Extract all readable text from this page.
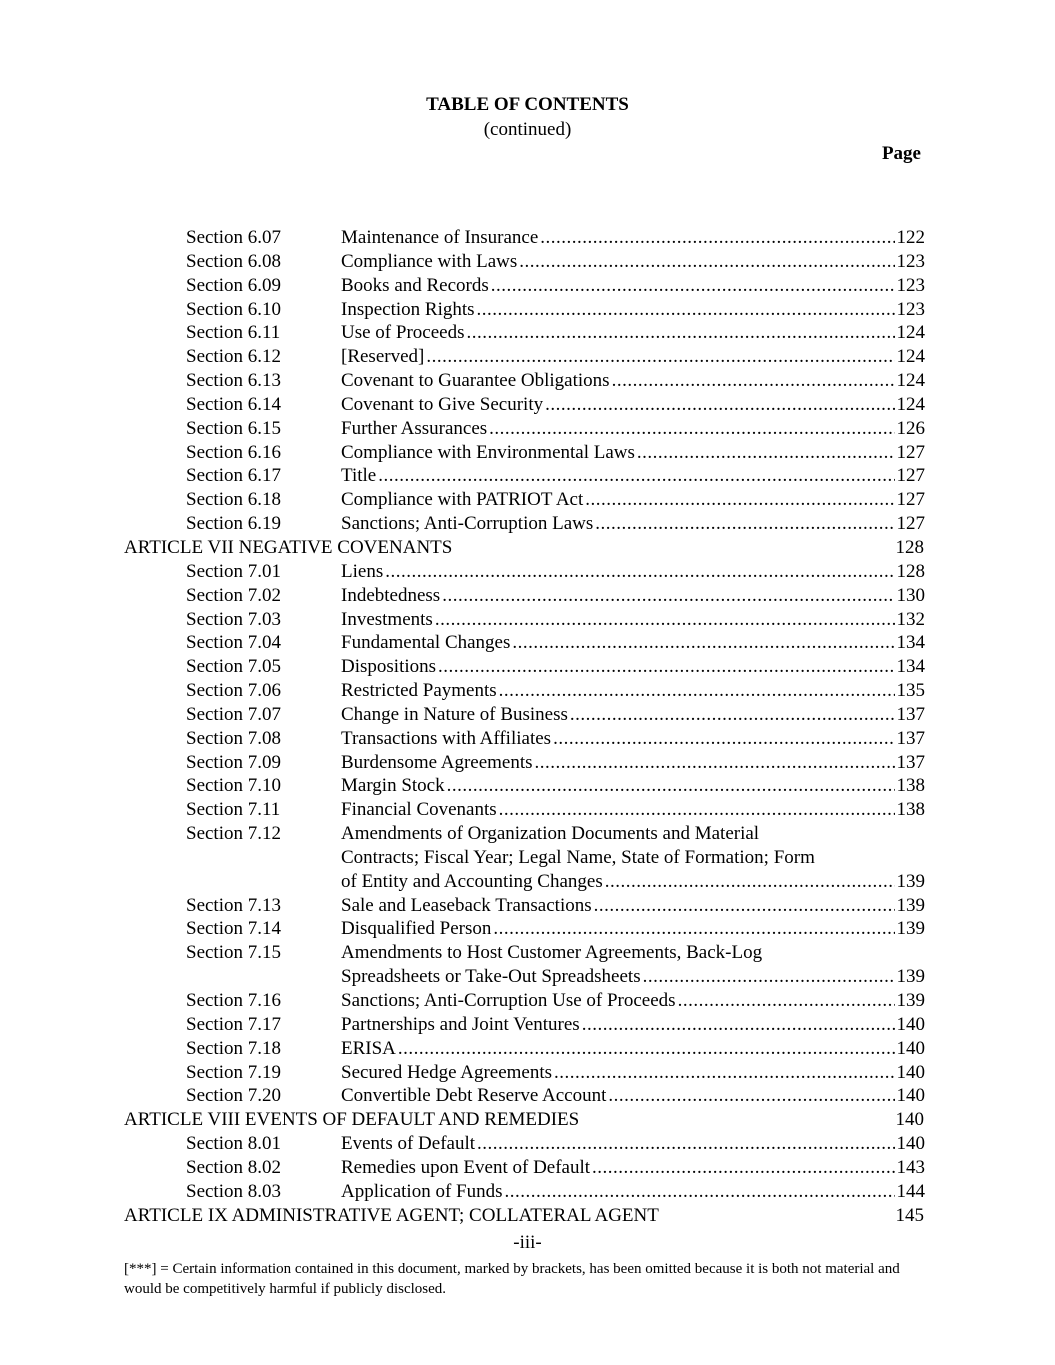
TABLE OF CONTENTS
(continued)
Page
Section 6.07	Maintenance of Insurance .....	122
Section 6.08	Compliance with Laws .....	123
Section 6.09	Books and Records .....	123
Section 6.10	Inspection Rights .....	123
Section 6.11	Use of Proceeds .....	124
Section 6.12	[Reserved] .....	124
Section 6.13	Covenant to Guarantee Obligations .....	124
Section 6.14	Covenant to Give Security .....	124
Section 6.15	Further Assurances .....	126
Section 6.16	Compliance with Environmental Laws .....	127
Section 6.17	Title .....	127
Section 6.18	Compliance with PATRIOT Act .....	127
Section 6.19	Sanctions; Anti-Corruption Laws .....	127
ARTICLE VII NEGATIVE COVENANTS	128
Section 7.01	Liens .....	128
Section 7.02	Indebtedness .....	130
Section 7.03	Investments .....	132
Section 7.04	Fundamental Changes .....	134
Section 7.05	Dispositions .....	134
Section 7.06	Restricted Payments .....	135
Section 7.07	Change in Nature of Business .....	137
Section 7.08	Transactions with Affiliates .....	137
Section 7.09	Burdensome Agreements .....	137
Section 7.10	Margin Stock .....	138
Section 7.11	Financial Covenants .....	138
Section 7.12	Amendments of Organization Documents and Material
Contracts; Fiscal Year; Legal Name, State of Formation; Form
of Entity and Accounting Changes .....	139
Section 7.13	Sale and Leaseback Transactions .....	139
Section 7.14	Disqualified Person .....	139
Section 7.15	Amendments to Host Customer Agreements, Back-Log
Spreadsheets or Take-Out Spreadsheets .....	139
Section 7.16	Sanctions; Anti-Corruption Use of Proceeds .....	139
Section 7.17	Partnerships and Joint Ventures .....	140
Section 7.18	ERISA .....	140
Section 7.19	Secured Hedge Agreements .....	140
Section 7.20	Convertible Debt Reserve Account .....	140
ARTICLE VIII EVENTS OF DEFAULT AND REMEDIES	140
Section 8.01	Events of Default .....	140
Section 8.02	Remedies upon Event of Default .....	143
Section 8.03	Application of Funds .....	144
ARTICLE IX ADMINISTRATIVE AGENT; COLLATERAL AGENT	145
-iii-
[***] = Certain information contained in this document, marked by brackets, has been omitted because it is both not material and would be competitively harmful if publicly disclosed.
